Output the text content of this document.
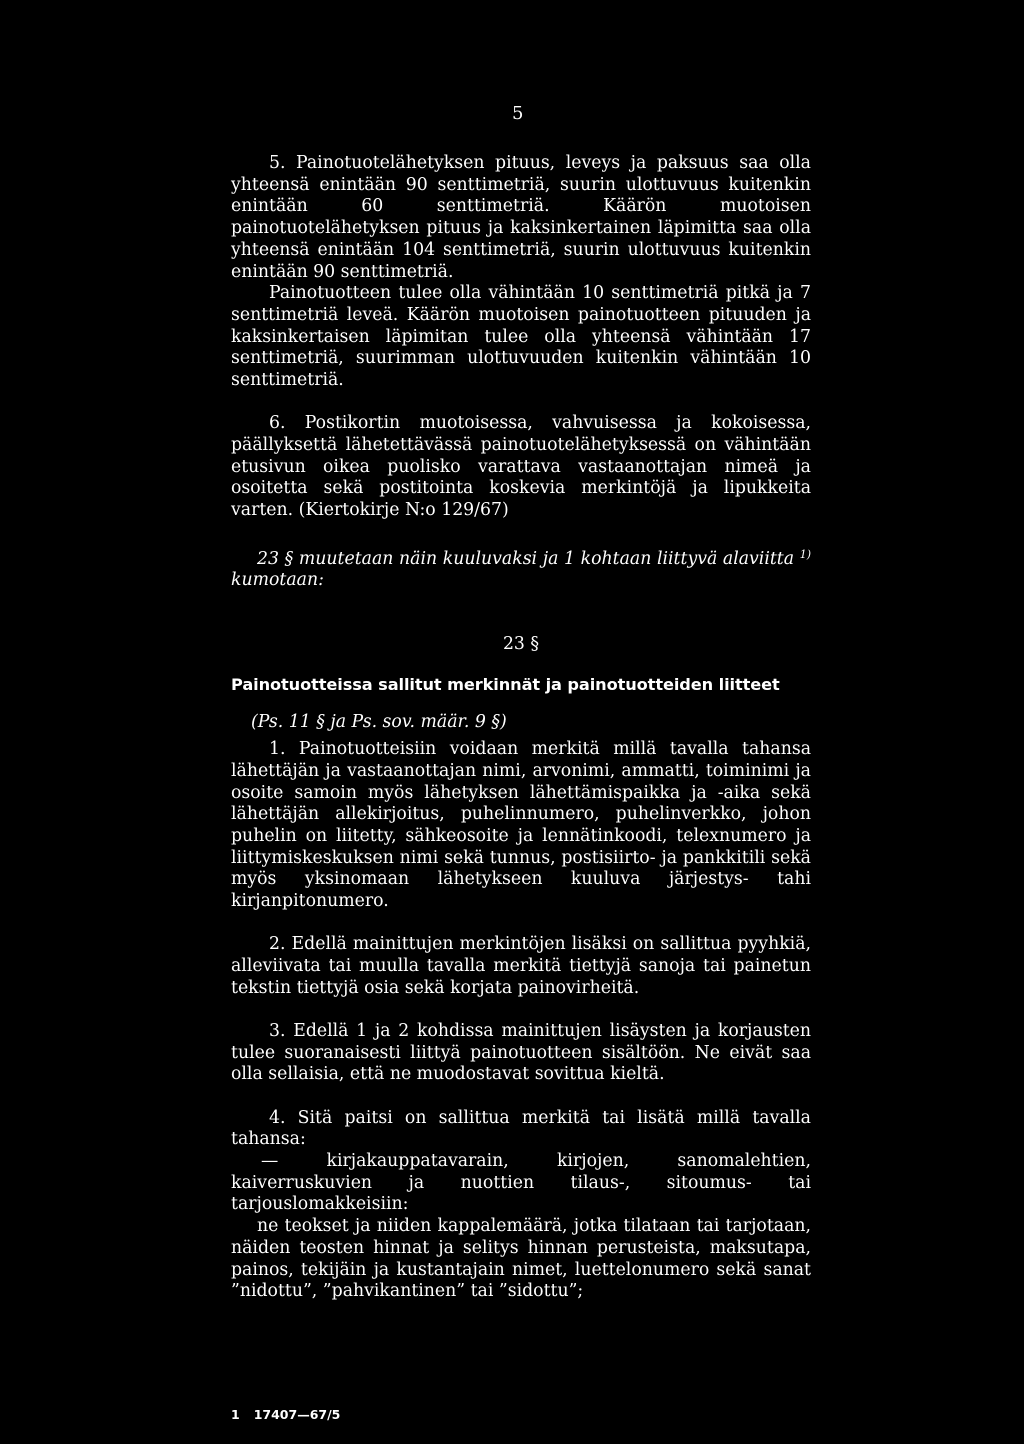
5

5. Painotuotelähetyksen pituus, leveys ja paksuus saa olla yhteensä enintään 90 senttimetriä, suurin ulottuvuus kuitenkin enintään 60 senttimetriä. Käärön muotoisen painotuotelähetyksen pituus ja kaksinkertainen läpimitta saa olla yhteensä enintään 104 senttimetriä, suurin ulottuvuus kuitenkin enintään 90 senttimetriä.

Painotuotteen tulee olla vähintään 10 senttimetriä pitkä ja 7 senttimetriä leveä. Käärön muotoisen painotuotteen pituuden ja kaksinkertaisen läpimitan tulee olla yhteensä vähintään 17 senttimetriä, suurimman ulottuvuuden kuitenkin vähintään 10 senttimetriä.

6. Postikortin muotoisessa, vahvuisessa ja kokoisessa, päällyksettä lähetettävässä painotuotelähetyksessä on vähintään etusivun oikea puolisko varattava vastaanottajan nimeä ja osoitetta sekä postitointa koskevia merkintöjä ja lipukkeita varten. (Kiertokirje N:o 129/67)

23 § muutetaan näin kuuluvaksi ja 1 kohtaan liittyvä alaviitta $^{1)}$ kumotaan:

23 §

Painotuotteissa sallitut merkinnät ja painotuotteiden liitteet

(Ps. 11 § ja Ps. sov. määr. 9 §)

1. Painotuotteisiin voidaan merkitä millä tavalla tahansa lähettäjän ja vastaanottajan nimi, arvonimi, ammatti, toiminimi ja osoite samoin myös lähetyksen lähettämispaikka ja -aika sekä lähettäjän allekirjoitus, puhelinnumero, puhelinverkko, johon puhelin on liitetty, sähkeosoite ja lennätinkoodi, telexnumero ja liittymiskeskuksen nimi sekä tunnus, postisiirto- ja pankkitili sekä myös yksinomaan lähetykseen kuuluva järjestys- tahi kirjanpitonumero.

2. Edellä mainittujen merkintöjen lisäksi on sallittua pyyhkiä, alleviivata tai muulla tavalla merkitä tiettyjä sanoja tai painetun tekstin tiettyjä osia sekä korjata painovirheitä.

3. Edellä 1 ja 2 kohdissa mainittujen lisäysten ja korjausten tulee suoranaisesti liittyä painotuotteen sisältöön. Ne eivät saa olla sellaisia, että ne muodostavat sovittua kieltä.

4. Sitä paitsi on sallittua merkitä tai lisätä millä tavalla tahansa:

— kirjakauppatavarain, kirjojen, sanomalehtien, kaiverruskuvien ja nuottien tilaus-, sitoumus- tai tarjouslomakkeisiin:

ne teokset ja niiden kappalemäärä, jotka tilataan tai tarjotaan, näiden teosten hinnat ja selitys hinnan perusteista, maksutapa, painos, tekijäin ja kustantajain nimet, luettelonumero sekä sanat ”nidottu”, ”pahvikantinen” tai ”sidottu”;

1 17407—67/5
